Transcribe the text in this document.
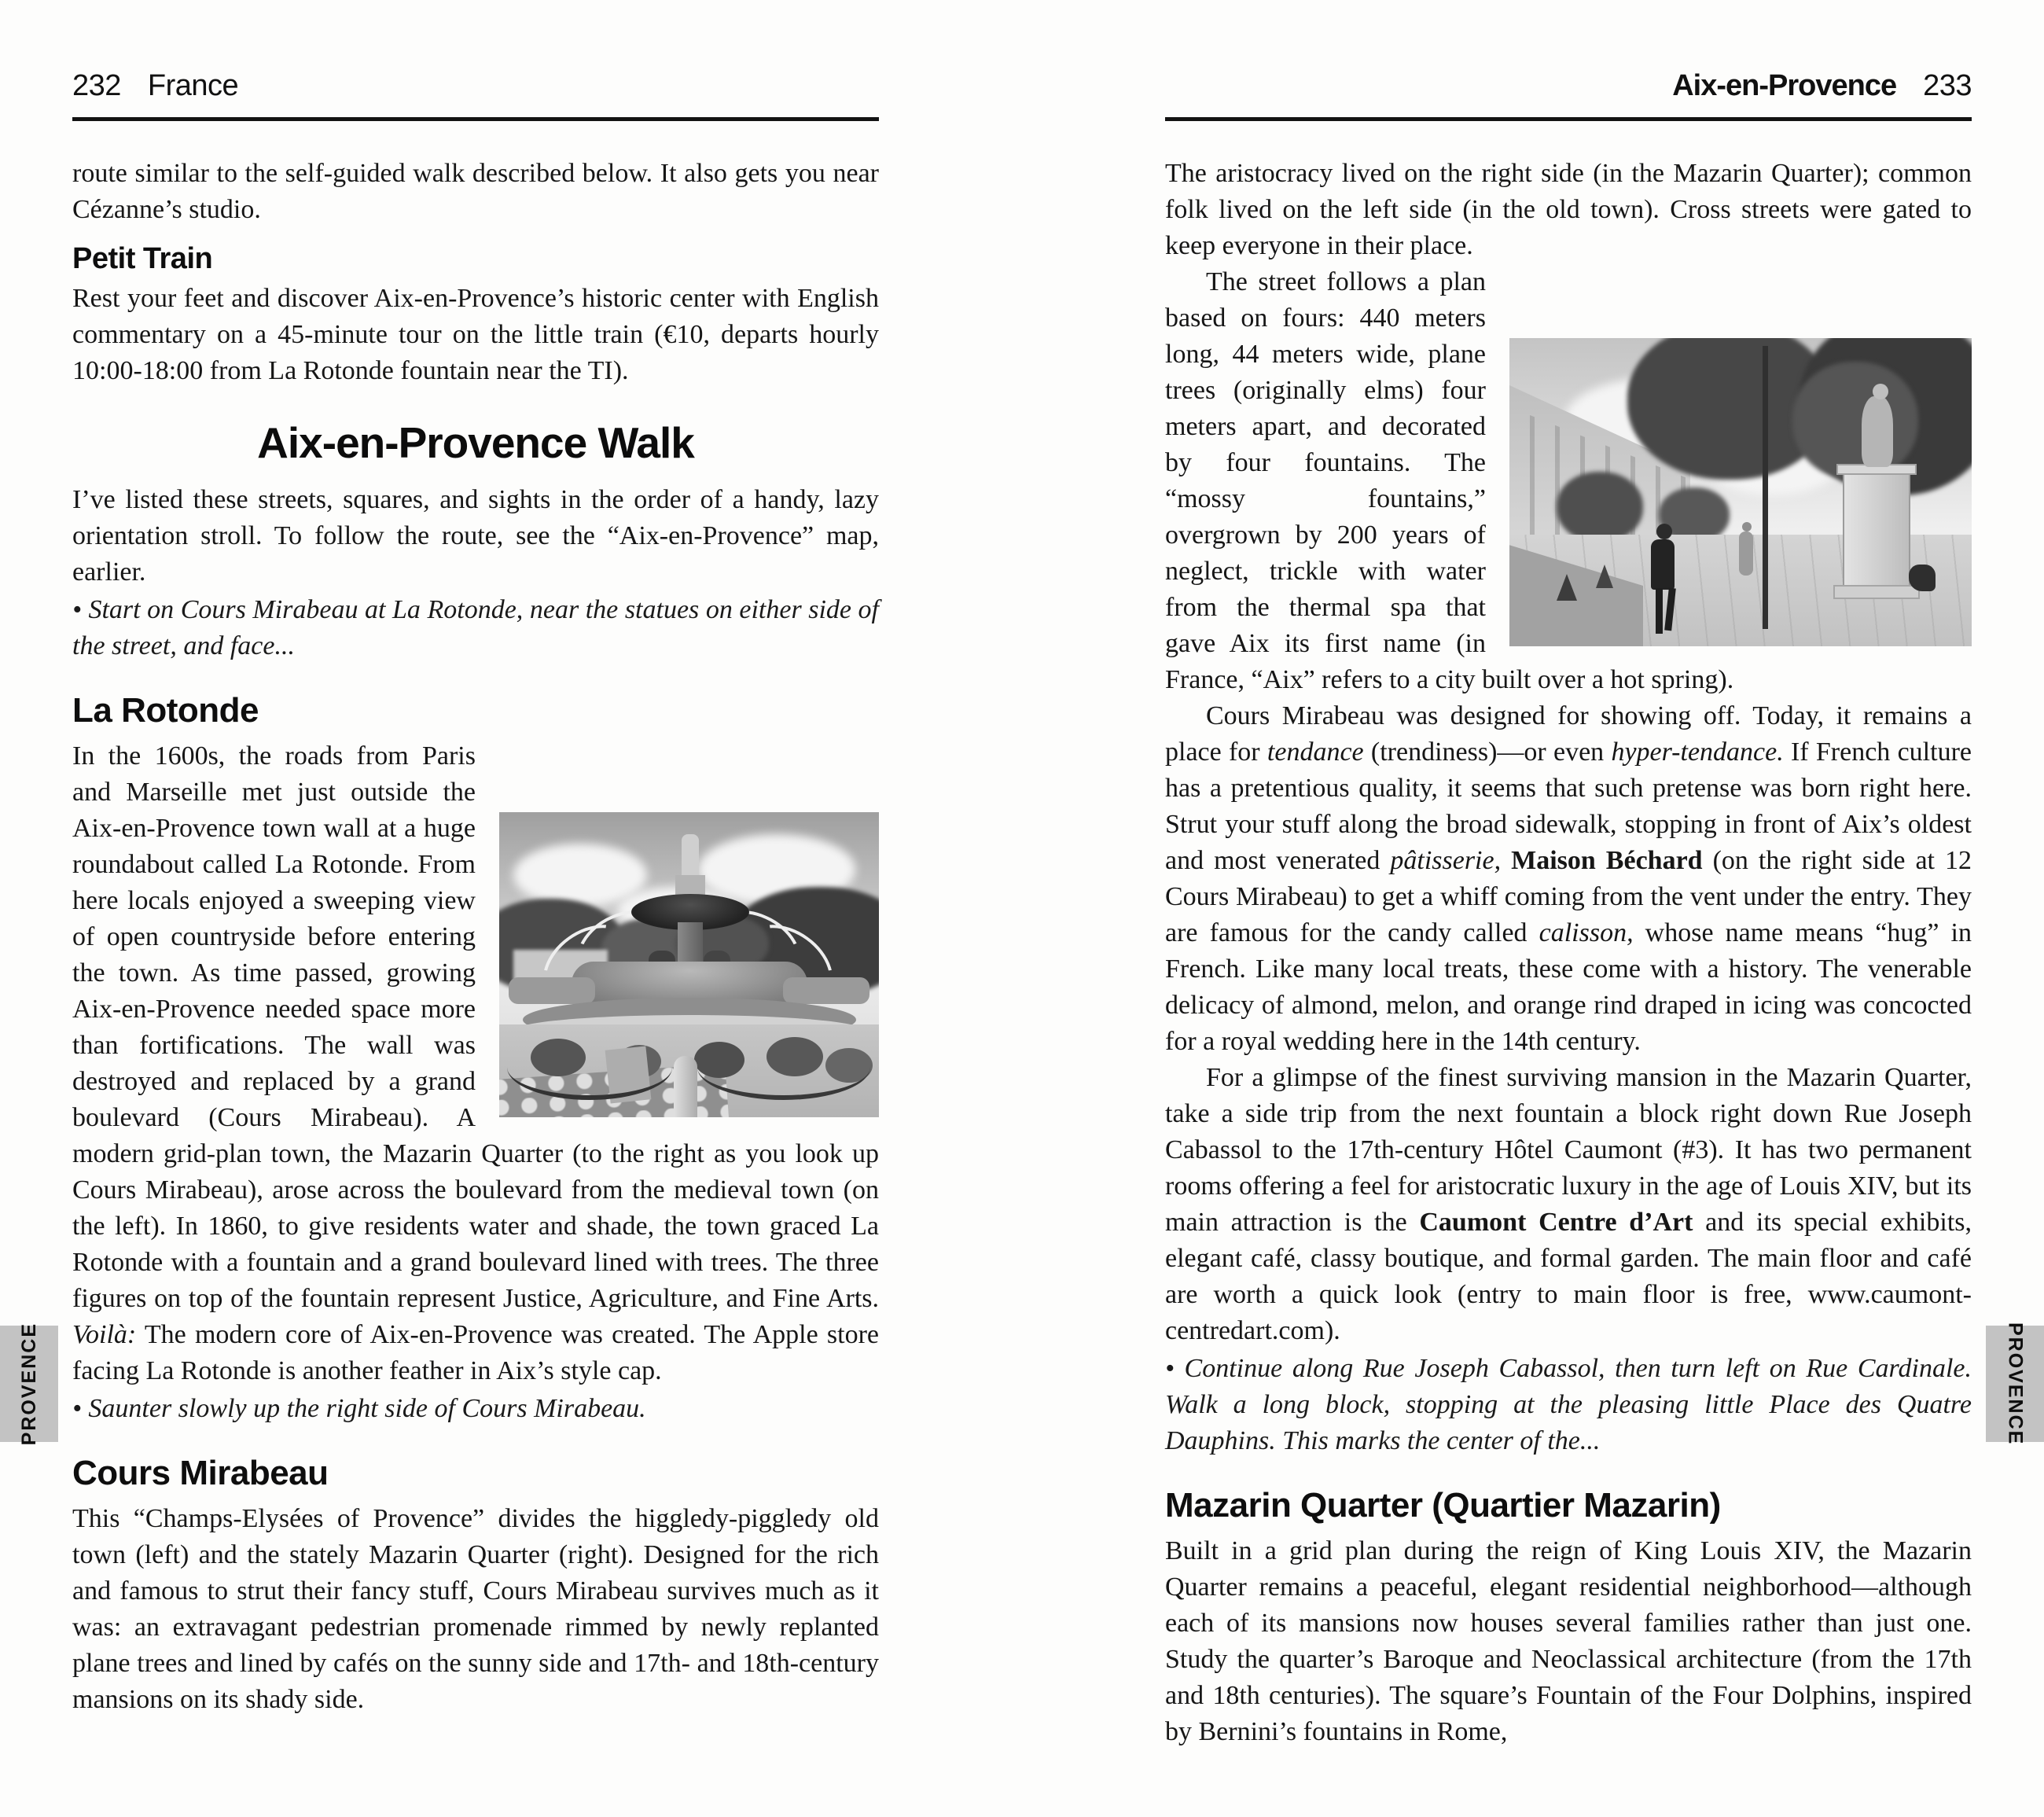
232 France
route similar to the self-guided walk described below. It also gets you near Cézanne’s studio.
Petit Train
Rest your feet and discover Aix-en-Provence’s historic center with English commentary on a 45-minute tour on the little train (€10, departs hourly 10:00-18:00 from La Rotonde fountain near the TI).
Aix-en-Provence Walk
I’ve listed these streets, squares, and sights in the order of a handy, lazy orientation stroll. To follow the route, see the “Aix-en-Provence” map, earlier.
• Start on Cours Mirabeau at La Rotonde, near the statues on either side of the street, and face...
La Rotonde
In the 1600s, the roads from Paris and Marseille met just outside the Aix-en-Provence town wall at a huge roundabout called La Rotonde. From here locals enjoyed a sweeping view of open countryside before entering the town. As time passed, growing Aix-en-Provence needed space more than fortifications. The wall was destroyed and replaced by a grand boulevard (Cours Mirabeau). A modern grid-plan town, the Mazarin Quarter (to the right as you look up Cours Mirabeau), arose across the boulevard from the medieval town (on the left). In 1860, to give residents water and shade, the town graced La Rotonde with a fountain and a grand boulevard lined with trees. The three figures on top of the fountain represent Justice, Agriculture, and Fine Arts. Voilà: The modern core of Aix-en-Provence was created. The Apple store facing La Rotonde is another feather in Aix’s style cap.
• Saunter slowly up the right side of Cours Mirabeau.
Cours Mirabeau
This “Champs-Elysées of Provence” divides the higgledy-piggledy old town (left) and the stately Mazarin Quarter (right). Designed for the rich and famous to strut their fancy stuff, Cours Mirabeau survives much as it was: an extravagant pedestrian promenade rimmed by newly replanted plane trees and lined by cafés on the sunny side and 17th- and 18th-century mansions on its shady side.
Aix-en-Provence 233
The aristocracy lived on the right side (in the Mazarin Quarter); common folk lived on the left side (in the old town). Cross streets were gated to keep everyone in their place.
The street follows a plan based on fours: 440 meters long, 44 meters wide, plane trees (originally elms) four meters apart, and decorated by four fountains. The “mossy fountains,” overgrown by 200 years of neglect, trickle with water from the thermal spa that gave Aix its first name (in France, “Aix” refers to a city built over a hot spring).
Cours Mirabeau was designed for showing off. Today, it remains a place for tendance (trendiness)—or even hyper-tendance. If French culture has a pretentious quality, it seems that such pretense was born right here. Strut your stuff along the broad sidewalk, stopping in front of Aix’s oldest and most venerated pâtisserie, Maison Béchard (on the right side at 12 Cours Mirabeau) to get a whiff coming from the vent under the entry. They are famous for the candy called calisson, whose name means “hug” in French. Like many local treats, these come with a history. The venerable delicacy of almond, melon, and orange rind draped in icing was concocted for a royal wedding here in the 14th century.
For a glimpse of the finest surviving mansion in the Mazarin Quarter, take a side trip from the next fountain a block right down Rue Joseph Cabassol to the 17th-century Hôtel Caumont (#3). It has two permanent rooms offering a feel for aristocratic luxury in the age of Louis XIV, but its main attraction is the Caumont Centre d’Art and its special exhibits, elegant café, classy boutique, and formal garden. The main floor and café are worth a quick look (entry to main floor is free, www.caumont-centredart.com).
• Continue along Rue Joseph Cabassol, then turn left on Rue Cardinale. Walk a long block, stopping at the pleasing little Place des Quatre Dauphins. This marks the center of the...
Mazarin Quarter (Quartier Mazarin)
Built in a grid plan during the reign of King Louis XIV, the Mazarin Quarter remains a peaceful, elegant residential neighborhood—although each of its mansions now houses several families rather than just one. Study the quarter’s Baroque and Neoclassical architecture (from the 17th and 18th centuries). The square’s Fountain of the Four Dolphins, inspired by Bernini’s fountains in Rome,
PROVENCE	PROVENCE
